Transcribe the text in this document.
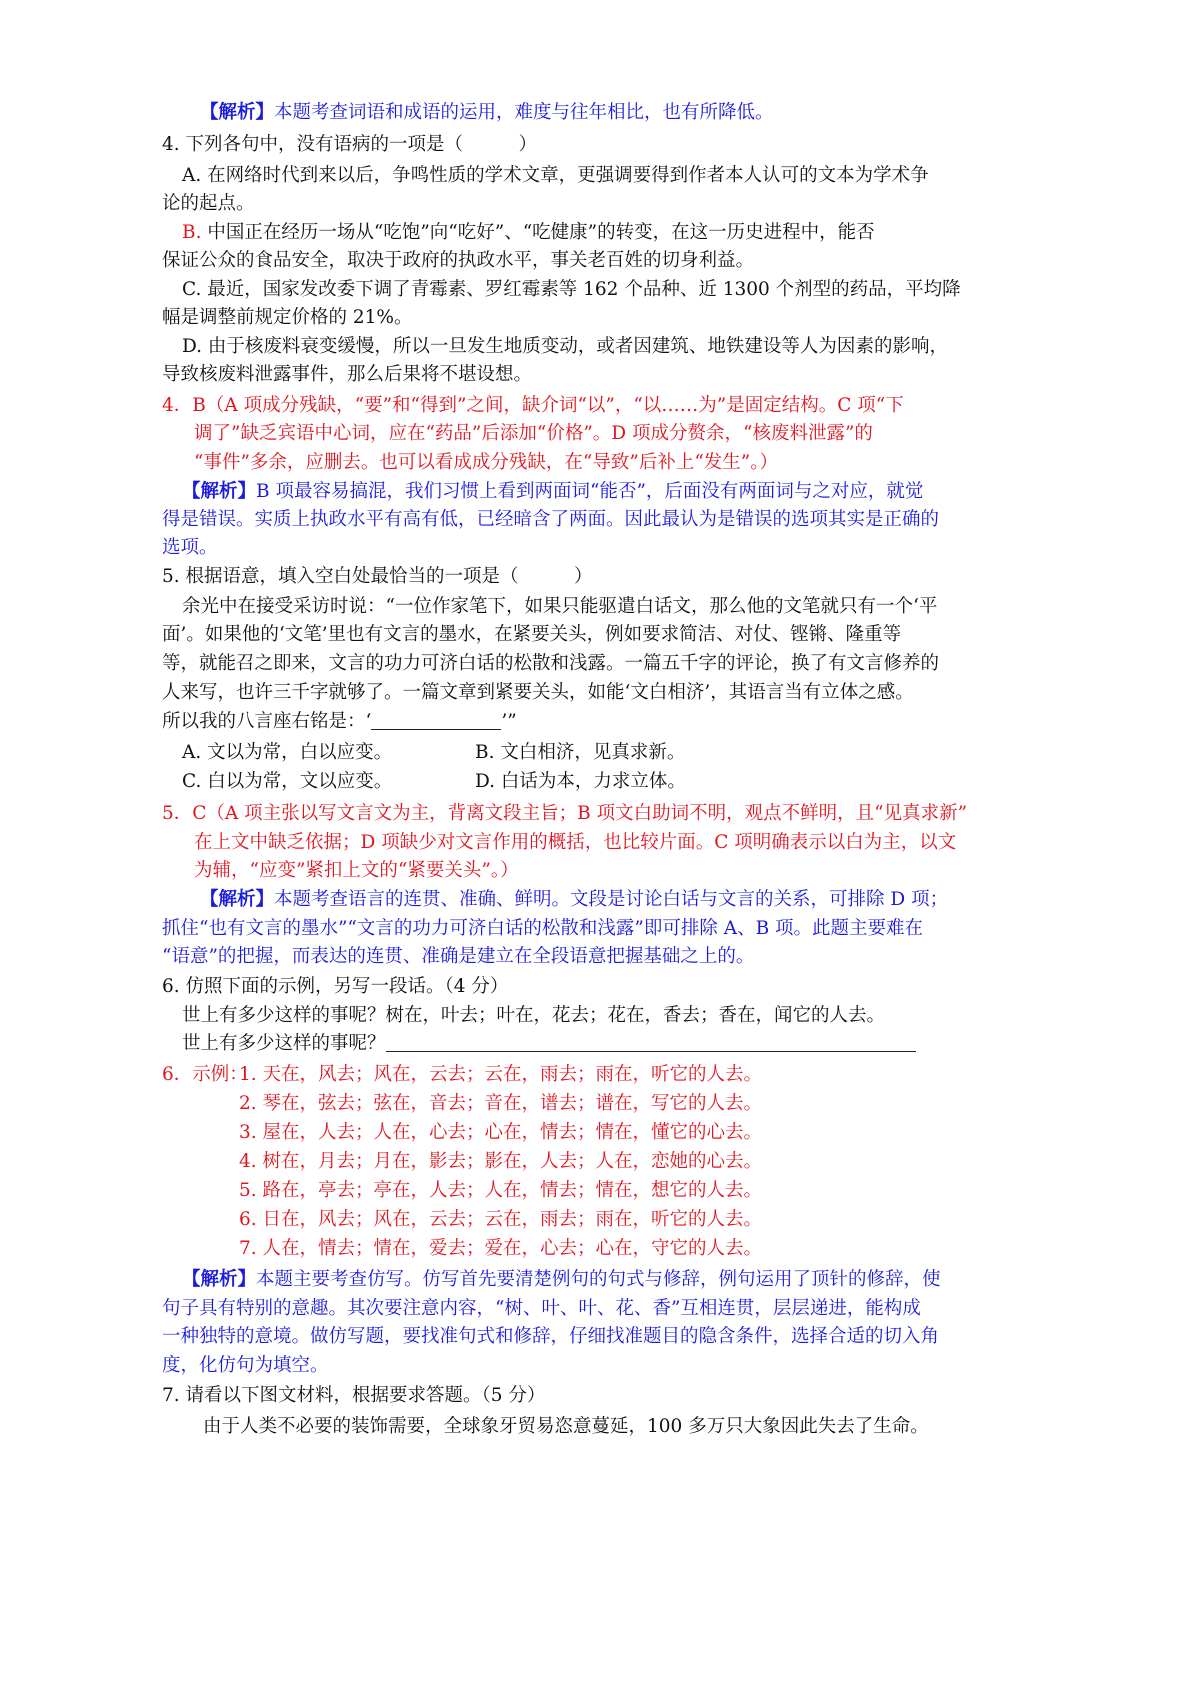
【解析】本题考查词语和成语的运用，难度与往年相比，也有所降低。
4. 下列各句中，没有语病的一项是（　　　）
A. 在网络时代到来以后，争鸣性质的学术文章，更强调要得到作者本人认可的文本为学术争
论的起点。
B. 中国正在经历一场从“吃饱”向“吃好”、“吃健康”的转变，在这一历史进程中，能否
保证公众的食品安全，取决于政府的执政水平，事关老百姓的切身利益。
C. 最近，国家发改委下调了青霉素、罗红霉素等 162 个品种、近 1300 个剂型的药品，平均降
幅是调整前规定价格的 21%。
D. 由于核废料衰变缓慢，所以一旦发生地质变动，或者因建筑、地铁建设等人为因素的影响，
导致核废料泄露事件，那么后果将不堪设想。
4．B（A 项成分残缺，“要”和“得到”之间，缺介词“以”，“以……为”是固定结构。C 项“下
调了”缺乏宾语中心词，应在“药品”后添加“价格”。D 项成分赘余，“核废料泄露”的
“事件”多余，应删去。也可以看成成分残缺，在“导致”后补上“发生”。）
【解析】B 项最容易搞混，我们习惯上看到两面词“能否”，后面没有两面词与之对应，就觉
得是错误。实质上执政水平有高有低，已经暗含了两面。因此最认为是错误的选项其实是正确的
选项。
5. 根据语意，填入空白处最恰当的一项是（　　　）
余光中在接受采访时说：“一位作家笔下，如果只能驱遣白话文，那么他的文笔就只有一个‘平
面’。如果他的‘文笔’里也有文言的墨水，在紧要关头，例如要求简洁、对仗、铿锵、隆重等
等，就能召之即来，文言的功力可济白话的松散和浅露。一篇五千字的评论，换了有文言修养的
人来写，也许三千字就够了。一篇文章到紧要关头，如能‘文白相济’，其语言当有立体之感。
所以我的八言座右铭是：‘	’”
A. 文以为常，白以应变。	B. 文白相济，见真求新。
C. 白以为常，文以应变。	D. 白话为本，力求立体。
5．C（A 项主张以写文言文为主，背离文段主旨；B 项文白助词不明，观点不鲜明，且“见真求新”
在上文中缺乏依据；D 项缺少对文言作用的概括，也比较片面。C 项明确表示以白为主，以文
为辅，“应变”紧扣上文的“紧要关头”。）
【解析】本题考查语言的连贯、准确、鲜明。文段是讨论白话与文言的关系，可排除 D 项；
抓住“也有文言的墨水”“文言的功力可济白话的松散和浅露”即可排除 A、B 项。此题主要难在
“语意”的把握，而表达的连贯、准确是建立在全段语意把握基础之上的。
6. 仿照下面的示例，另写一段话。（4 分）
世上有多少这样的事呢？树在，叶去；叶在，花去；花在，香去；香在，闻它的人去。
世上有多少这样的事呢？
6．示例：
1. 天在，风去；风在，云去；云在，雨去；雨在，听它的人去。
2. 琴在，弦去；弦在，音去；音在，谱去；谱在，写它的人去。
3. 屋在，人去；人在，心去；心在，情去；情在，懂它的心去。
4. 树在，月去；月在，影去；影在，人去；人在，恋她的心去。
5. 路在，亭去；亭在，人去；人在，情去；情在，想它的人去。
6. 日在，风去；风在，云去；云在，雨去；雨在，听它的人去。
7. 人在，情去；情在，爱去；爱在，心去；心在，守它的人去。
【解析】本题主要考查仿写。仿写首先要清楚例句的句式与修辞，例句运用了顶针的修辞，使
句子具有特别的意趣。其次要注意内容，“树、叶、叶、花、香”互相连贯，层层递进，能构成
一种独特的意境。做仿写题，要找准句式和修辞，仔细找准题目的隐含条件，选择合适的切入角
度，化仿句为填空。
7. 请看以下图文材料，根据要求答题。（5 分）
由于人类不必要的装饰需要，全球象牙贸易恣意蔓延，100 多万只大象因此失去了生命。
